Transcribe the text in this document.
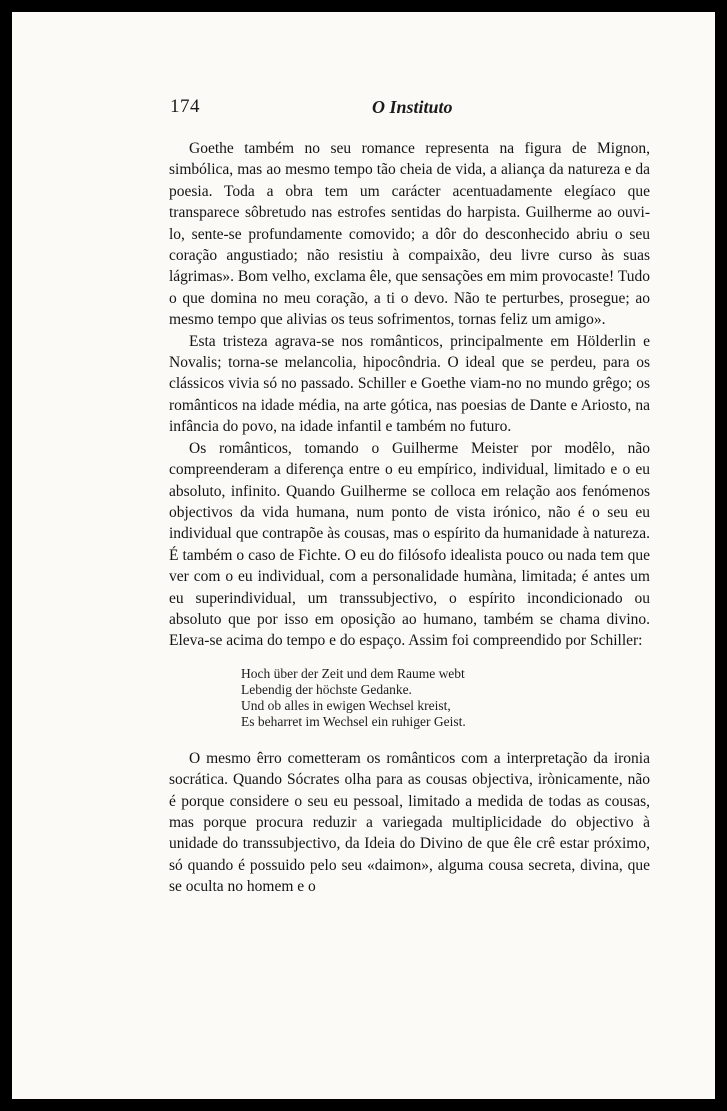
174	O Instituto

Goethe também no seu romance representa na figura de Mignon, simbólica, mas ao mesmo tempo tão cheia de vida, a aliança da natureza e da poesia. Toda a obra tem um carácter acentuadamente elegíaco que transparece sôbretudo nas estrofes sentidas do harpista. Guilherme ao ouvi-lo, sente-se profundamente comovido; a dôr do desconhecido abriu o seu coração angustiado; não resistiu à compaixão, deu livre curso às suas lágrimas». Bom velho, exclama êle, que sensações em mim provocaste! Tudo o que domina no meu coração, a ti o devo. Não te perturbes, prosegue; ao mesmo tempo que alivias os teus sofrimentos, tornas feliz um amigo».

Esta tristeza agrava-se nos românticos, principalmente em Hölderlin e Novalis; torna-se melancolia, hipocôndria. O ideal que se perdeu, para os clássicos vivia só no passado. Schiller e Goethe viam-no no mundo grêgo; os românticos na idade média, na arte gótica, nas poesias de Dante e Ariosto, na infância do povo, na idade infantil e também no futuro.

Os românticos, tomando o Guilherme Meister por modêlo, não compreenderam a diferença entre o eu empírico, individual, limitado e o eu absoluto, infinito. Quando Guilherme se colloca em relação aos fenómenos objectivos da vida humana, num ponto de vista irónico, não é o seu eu individual que contrapõe às cousas, mas o espírito da humanidade à natureza. É também o caso de Fichte. O eu do filósofo idealista pouco ou nada tem que ver com o eu individual, com a personalidade humàna, limitada; é antes um eu superindividual, um transsubjectivo, o espírito incondicionado ou absoluto que por isso em oposição ao humano, também se chama divino. Eleva-se acima do tempo e do espaço. Assim foi compreendido por Schiller:

Hoch über der Zeit und dem Raume webt
Lebendig der höchste Gedanke.
Und ob alles in ewigen Wechsel kreist,
Es beharret im Wechsel ein ruhiger Geist.

O mesmo êrro cometteram os românticos com a interpretação da ironia socrática. Quando Sócrates olha para as cousas objectiva, irònicamente, não é porque considere o seu eu pessoal, limitado a medida de todas as cousas, mas porque procura reduzir a variegada multiplicidade do objectivo à unidade do transsubjectivo, da Ideia do Divino de que êle crê estar próximo, só quando é possuido pelo seu «daimon», alguma cousa secreta, divina, que se oculta no homem e o
